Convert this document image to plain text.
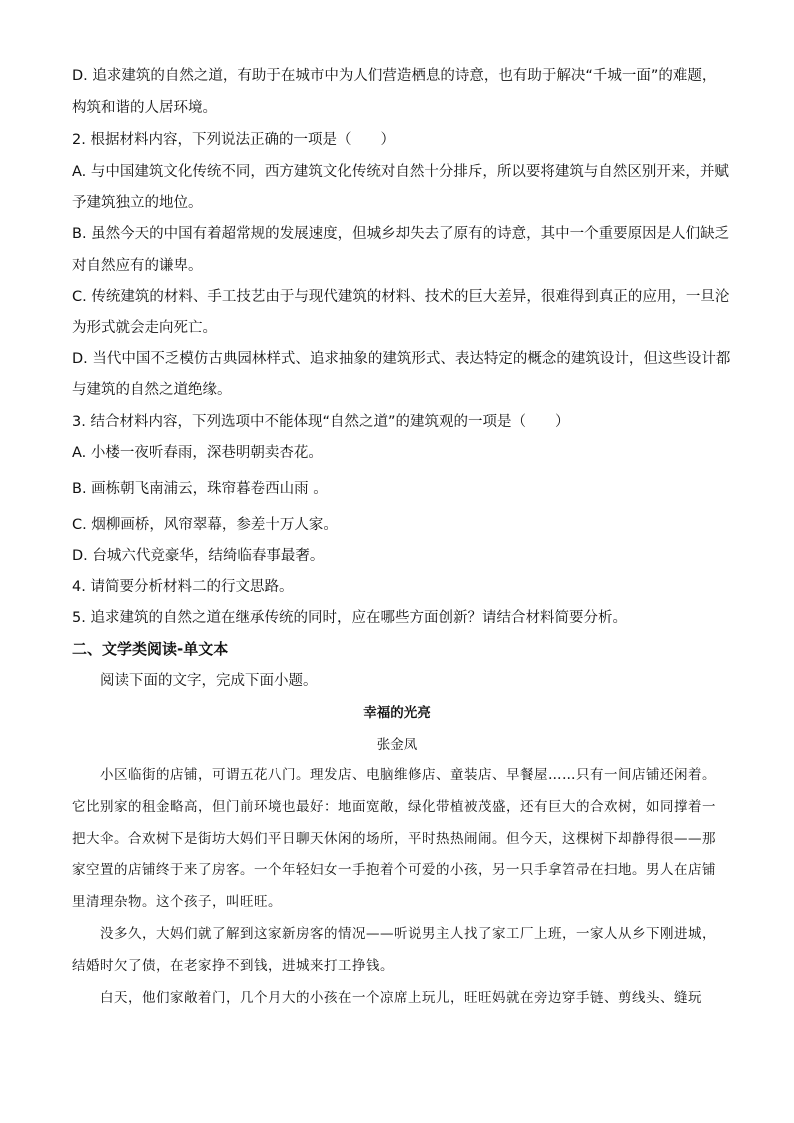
D. 追求建筑的自然之道，有助于在城市中为人们营造栖息的诗意，也有助于解决“千城一面”的难题，
构筑和谐的人居环境。
2. 根据材料内容，下列说法正确的一项是（　　）
A. 与中国建筑文化传统不同，西方建筑文化传统对自然十分排斥，所以要将建筑与自然区别开来，并赋
予建筑独立的地位。
B. 虽然今天的中国有着超常规的发展速度，但城乡却失去了原有的诗意，其中一个重要原因是人们缺乏
对自然应有的谦卑。
C. 传统建筑的材料、手工技艺由于与现代建筑的材料、技术的巨大差异，很难得到真正的应用，一旦沦
为形式就会走向死亡。
D. 当代中国不乏模仿古典园林样式、追求抽象的建筑形式、表达特定的概念的建筑设计，但这些设计都
与建筑的自然之道绝缘。
3. 结合材料内容，下列选项中不能体现“自然之道”的建筑观的一项是（　　）
A. 小楼一夜听春雨，深巷明朝卖杏花。
B. 画栋朝飞南浦云，珠帘暮卷西山雨 。
C. 烟柳画桥，风帘翠幕，参差十万人家。
D. 台城六代竞豪华，结绮临春事最奢。
4. 请简要分析材料二的行文思路。
5. 追求建筑的自然之道在继承传统的同时，应在哪些方面创新？请结合材料简要分析。
二、文学类阅读-单文本
阅读下面的文字，完成下面小题。
幸福的光亮
张金凤
小区临街的店铺，可谓五花八门。理发店、电脑维修店、童装店、早餐屋……只有一间店铺还闲着。
它比别家的租金略高，但门前环境也最好：地面宽敞，绿化带植被茂盛，还有巨大的合欢树，如同撑着一
把大伞。合欢树下是街坊大妈们平日聊天休闲的场所，平时热热闹闹。但今天，这棵树下却静得很——那
家空置的店铺终于来了房客。一个年轻妇女一手抱着个可爱的小孩，另一只手拿笤帚在扫地。男人在店铺
里清理杂物。这个孩子，叫旺旺。
没多久，大妈们就了解到这家新房客的情况——听说男主人找了家工厂上班，一家人从乡下刚进城，
结婚时欠了债，在老家挣不到钱，进城来打工挣钱。
白天，他们家敞着门，几个月大的小孩在一个凉席上玩儿，旺旺妈就在旁边穿手链、剪线头、缝玩
